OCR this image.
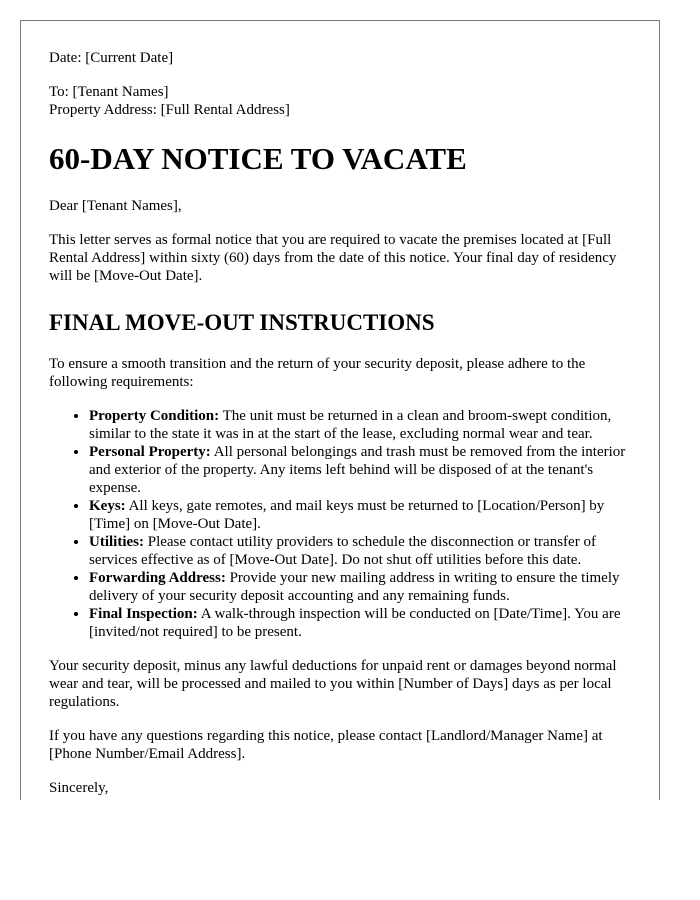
Date: [Current Date]

To: [Tenant Names]
Property Address: [Full Rental Address]
60-DAY NOTICE TO VACATE

Dear [Tenant Names],

This letter serves as formal notice that you are required to vacate the premises located at [Full Rental Address] within sixty (60) days from the date of this notice. Your final day of residency will be [Move-Out Date].

FINAL MOVE-OUT INSTRUCTIONS

To ensure a smooth transition and the return of your security deposit, please adhere to the following requirements:

• Property Condition: The unit must be returned in a clean and broom-swept condition, similar to the state it was in at the start of the lease, excluding normal wear and tear.
• Personal Property: All personal belongings and trash must be removed from the interior and exterior of the property. Any items left behind will be disposed of at the tenant's expense.
• Keys: All keys, gate remotes, and mail keys must be returned to [Location/Person] by [Time] on [Move-Out Date].
• Utilities: Please contact utility providers to schedule the disconnection or transfer of services effective as of [Move-Out Date]. Do not shut off utilities before this date.
• Forwarding Address: Provide your new mailing address in writing to ensure the timely delivery of your security deposit accounting and any remaining funds.
• Final Inspection: A walk-through inspection will be conducted on [Date/Time]. You are [invited/not required] to be present.

Your security deposit, minus any lawful deductions for unpaid rent or damages beyond normal wear and tear, will be processed and mailed to you within [Number of Days] days as per local regulations.

If you have any questions regarding this notice, please contact [Landlord/Manager Name] at [Phone Number/Email Address].

Sincerely,
